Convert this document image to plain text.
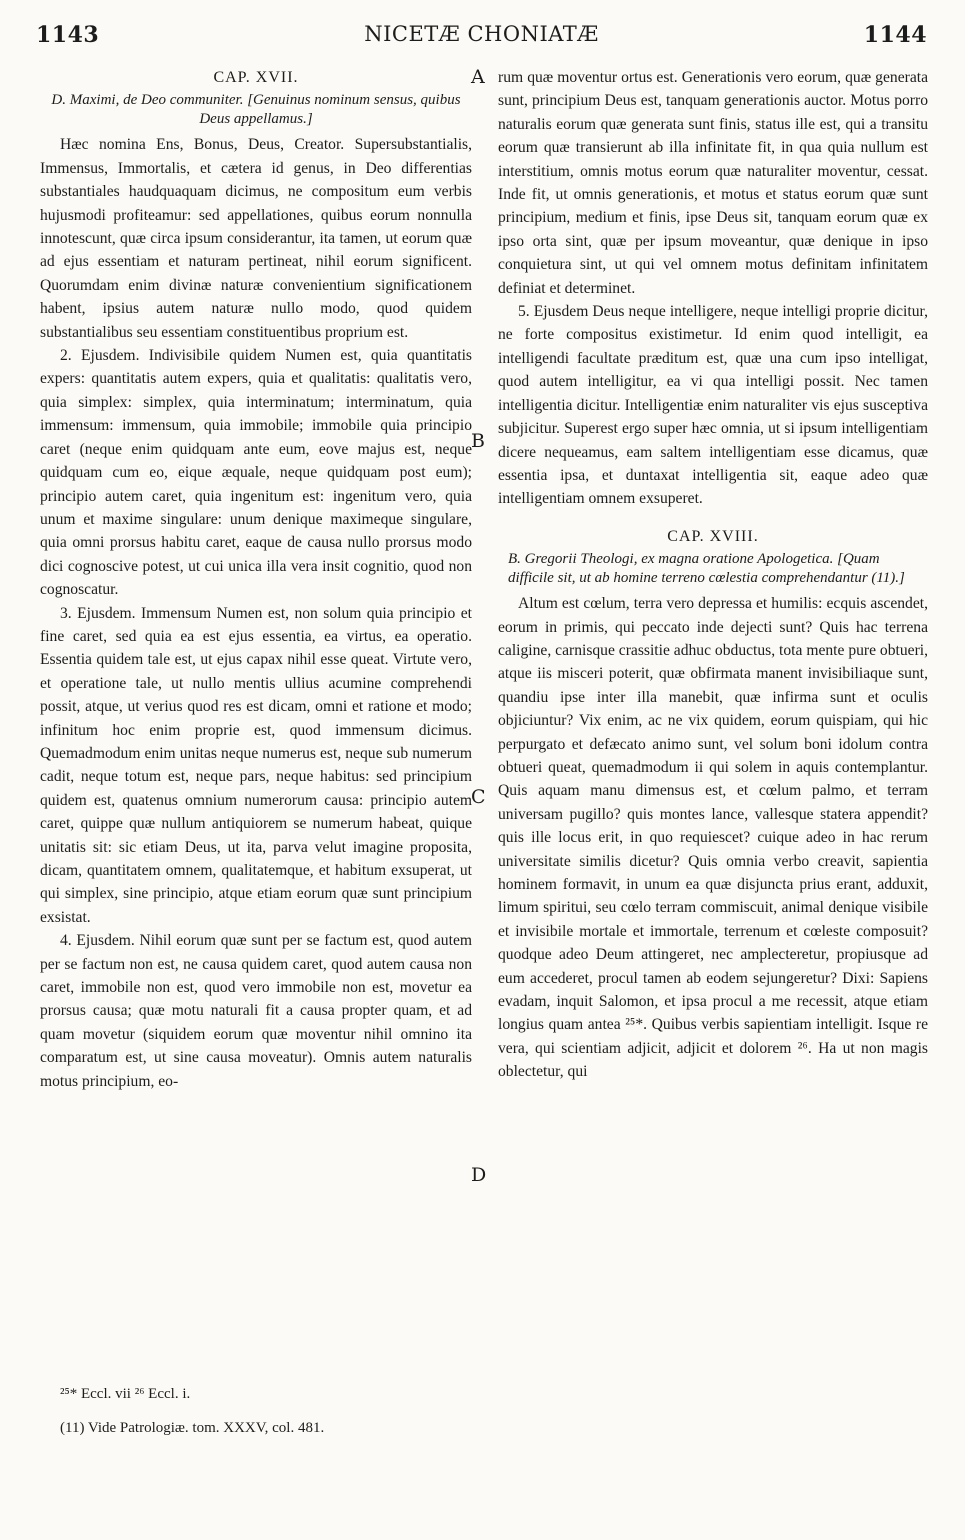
1143	NICETÆ CHONIATÆ	1144
A
B
C
D
CAP. XVII.
D. Maximi, de Deo communiter. [Genuinus nominum sensus, quibus Deus appellamus.]

Hæc nomina Ens, Bonus, Deus, Creator. Supersubstantialis, Immensus, Immortalis, et cætera id genus, in Deo differentias substantiales haudquaquam dicimus, ne compositum eum verbis hujusmodi profiteamur: sed appellationes, quibus eorum nonnulla innotescunt, quæ circa ipsum considerantur, ita tamen, ut eorum quæ ad ejus essentiam et naturam pertineat, nihil eorum significent. Quorumdam enim divinæ naturæ convenientium significationem habent, ipsius autem naturæ nullo modo, quod quidem substantialibus seu essentiam constituentibus proprium est.

2. Ejusdem. Indivisibile quidem Numen est, quia quantitatis expers: quantitatis autem expers, quia et qualitatis: qualitatis vero, quia simplex: simplex, quia interminatum; interminatum, quia immensum: immensum, quia immobile; immobile quia principio caret (neque enim quidquam ante eum, eove majus est, neque quidquam cum eo, eique æquale, neque quidquam post eum); principio autem caret, quia ingenitum est: ingenitum vero, quia unum et maxime singulare: unum denique maximeque singulare, quia omni prorsus habitu caret, eaque de causa nullo prorsus modo dici cognoscive potest, ut cui unica illa vera insit cognitio, quod non cognoscatur.

3. Ejusdem. Immensum Numen est, non solum quia principio et fine caret, sed quia ea est ejus essentia, ea virtus, ea operatio. Essentia quidem tale est, ut ejus capax nihil esse queat. Virtute vero, et operatione tale, ut nullo mentis ullius acumine comprehendi possit, atque, ut verius quod res est dicam, omni et ratione et modo; infinitum hoc enim proprie est, quod immensum dicimus. Quemadmodum enim unitas neque numerus est, neque sub numerum cadit, neque totum est, neque pars, neque habitus: sed principium quidem est, quatenus omnium numerorum causa: principio autem caret, quippe quæ nullum antiquiorem se numerum habeat, quique unitatis sit: sic etiam Deus, ut ita, parva velut imagine proposita, dicam, quantitatem omnem, qualitatemque, et habitum exsuperat, ut qui simplex, sine principio, atque etiam eorum quæ sunt principium exsistat.

4. Ejusdem. Nihil eorum quæ sunt per se factum est, quod autem per se factum non est, ne causa quidem caret, quod autem causa non caret, immobile non est, quod vero immobile non est, movetur ea prorsus causa; quæ motu naturali fit a causa propter quam, et ad quam movetur (siquidem eorum quæ moventur nihil omnino ita comparatum est, ut sine causa moveatur). Omnis autem naturalis motus principium, eo-

²⁵* Eccl. vii ²⁶ Eccl. i.
(11) Vide Patrologiæ. tom. XXXV, col. 481.

rum quæ moventur ortus est. Generationis vero eorum, quæ generata sunt, principium Deus est, tanquam generationis auctor. Motus porro naturalis eorum quæ generata sunt finis, status ille est, qui a transitu eorum quæ transierunt ab illa infinitate fit, in qua quia nullum est interstitium, omnis motus eorum quæ naturaliter moventur, cessat. Inde fit, ut omnis generationis, et motus et status eorum quæ sunt principium, medium et finis, ipse Deus sit, tanquam eorum quæ ex ipso orta sint, quæ per ipsum moveantur, quæ denique in ipso conquietura sint, ut qui vel omnem motus definitam infinitatem definiat et determinet.

5. Ejusdem Deus neque intelligere, neque intelligi proprie dicitur, ne forte compositus existimetur. Id enim quod intelligit, ea intelligendi facultate præditum est, quæ una cum ipso intelligat, quod autem intelligitur, ea vi qua intelligi possit. Nec tamen intelligentia dicitur. Intelligentiæ enim naturaliter vis ejus susceptiva subjicitur. Superest ergo super hæc omnia, ut si ipsum intelligentiam dicere nequeamus, eam saltem intelligentiam esse dicamus, quæ essentia ipsa, et duntaxat intelligentia sit, eaque adeo quæ intelligentiam omnem exsuperet.

CAP. XVIII.
B. Gregorii Theologi, ex magna oratione Apologetica. [Quam difficile sit, ut ab homine terreno cœlestia comprehendantur (11).]

Altum est cœlum, terra vero depressa et humilis: ecquis ascendet, eorum in primis, qui peccato inde dejecti sunt? Quis hac terrena caligine, carnisque crassitie adhuc obductus, tota mente pure obtueri, atque iis misceri poterit, quæ obfirmata manent invisibiliaque sunt, quandiu ipse inter illa manebit, quæ infirma sunt et oculis objiciuntur? Vix enim, ac ne vix quidem, eorum quispiam, qui hic perpurgato et defæcato animo sunt, vel solum boni idolum contra obtueri queat, quemadmodum ii qui solem in aquis contemplantur. Quis aquam manu dimensus est, et cœlum palmo, et terram universam pugillo? quis montes lance, vallesque statera appendit? quis ille locus erit, in quo requiescet? cuique adeo in hac rerum universitate similis dicetur? Quis omnia verbo creavit, sapientia hominem formavit, in unum ea quæ disjuncta prius erant, adduxit, limum spiritui, seu cœlo terram commiscuit, animal denique visibile et invisibile mortale et immortale, terrenum et cœleste composuit? quodque adeo Deum attingeret, nec amplecteretur, propiusque ad eum accederet, procul tamen ab eodem sejungeretur? Dixi: Sapiens evadam, inquit Salomon, et ipsa procul a me recessit, atque etiam longius quam antea ²⁵*. Quibus verbis sapientiam intelligit. Isque re vera, qui scientiam adjicit, adjicit et dolorem ²⁶. Ha ut non magis oblectetur, qui
